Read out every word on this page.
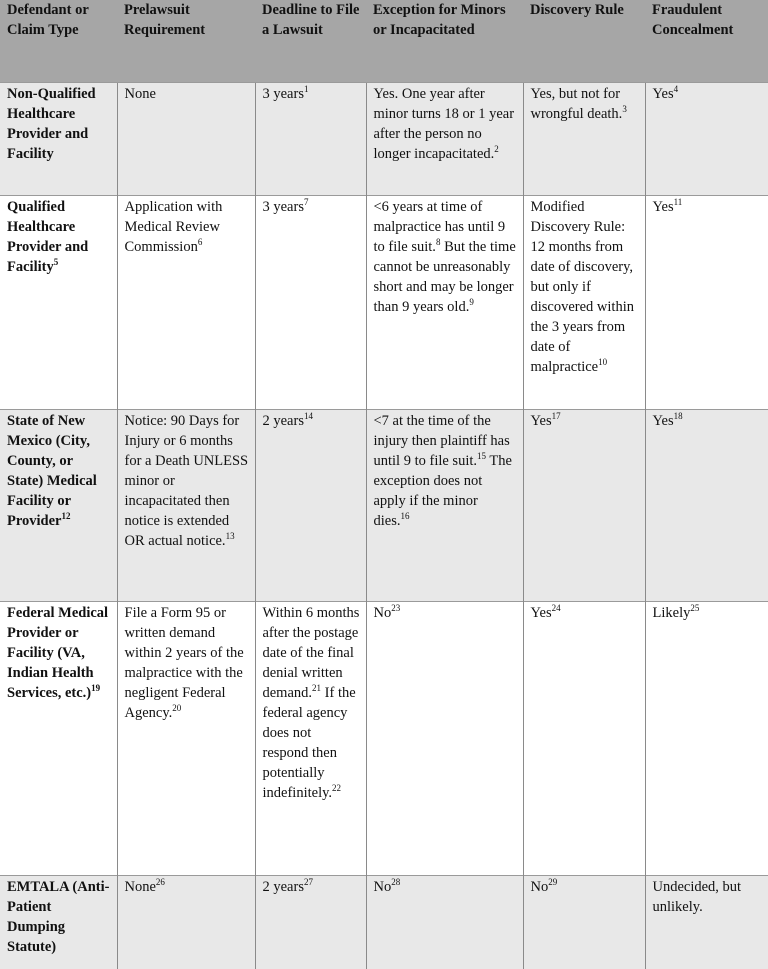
Defendant or Claim Type	Prelawsuit Requirement	Deadline to File a Lawsuit	Exception for Minors or Incapacitated	Discovery Rule	Fraudulent Concealment
Non-Qualified Healthcare Provider and Facility	None	3 years$^1$	Yes. One year after minor turns 18 or 1 year after the person no longer incapacitated.$^2$	Yes, but not for wrongful death.$^3$	Yes$^4$
Qualified Healthcare Provider and Facility$^5$	Application with Medical Review Commission$^6$	3 years$^7$	<6 years at time of malpractice has until 9 to file suit.$^8$ But the time cannot be unreasonably short and may be longer than 9 years old.$^9$	Modified Discovery Rule: 12 months from date of discovery, but only if discovered within the 3 years from date of malpractice$^{10}$	Yes$^{11}$
State of New Mexico (City, County, or State) Medical Facility or Provider$^{12}$	Notice: 90 Days for Injury or 6 months for a Death UNLESS minor or incapacitated then notice is extended OR actual notice.$^{13}$	2 years$^{14}$	<7 at the time of the injury then plaintiff has until 9 to file suit.$^{15}$ The exception does not apply if the minor dies.$^{16}$	Yes$^{17}$	Yes$^{18}$
Federal Medical Provider or Facility (VA, Indian Health Services, etc.)$^{19}$	File a Form 95 or written demand within 2 years of the malpractice with the negligent Federal Agency.$^{20}$	Within 6 months after the postage date of the final denial written demand.$^{21}$ If the federal agency does not respond then potentially indefinitely.$^{22}$	No$^{23}$	Yes$^{24}$	Likely$^{25}$
EMTALA (Anti-Patient Dumping Statute)	None$^{26}$	2 years$^{27}$	No$^{28}$	No$^{29}$	Undecided, but unlikely.
